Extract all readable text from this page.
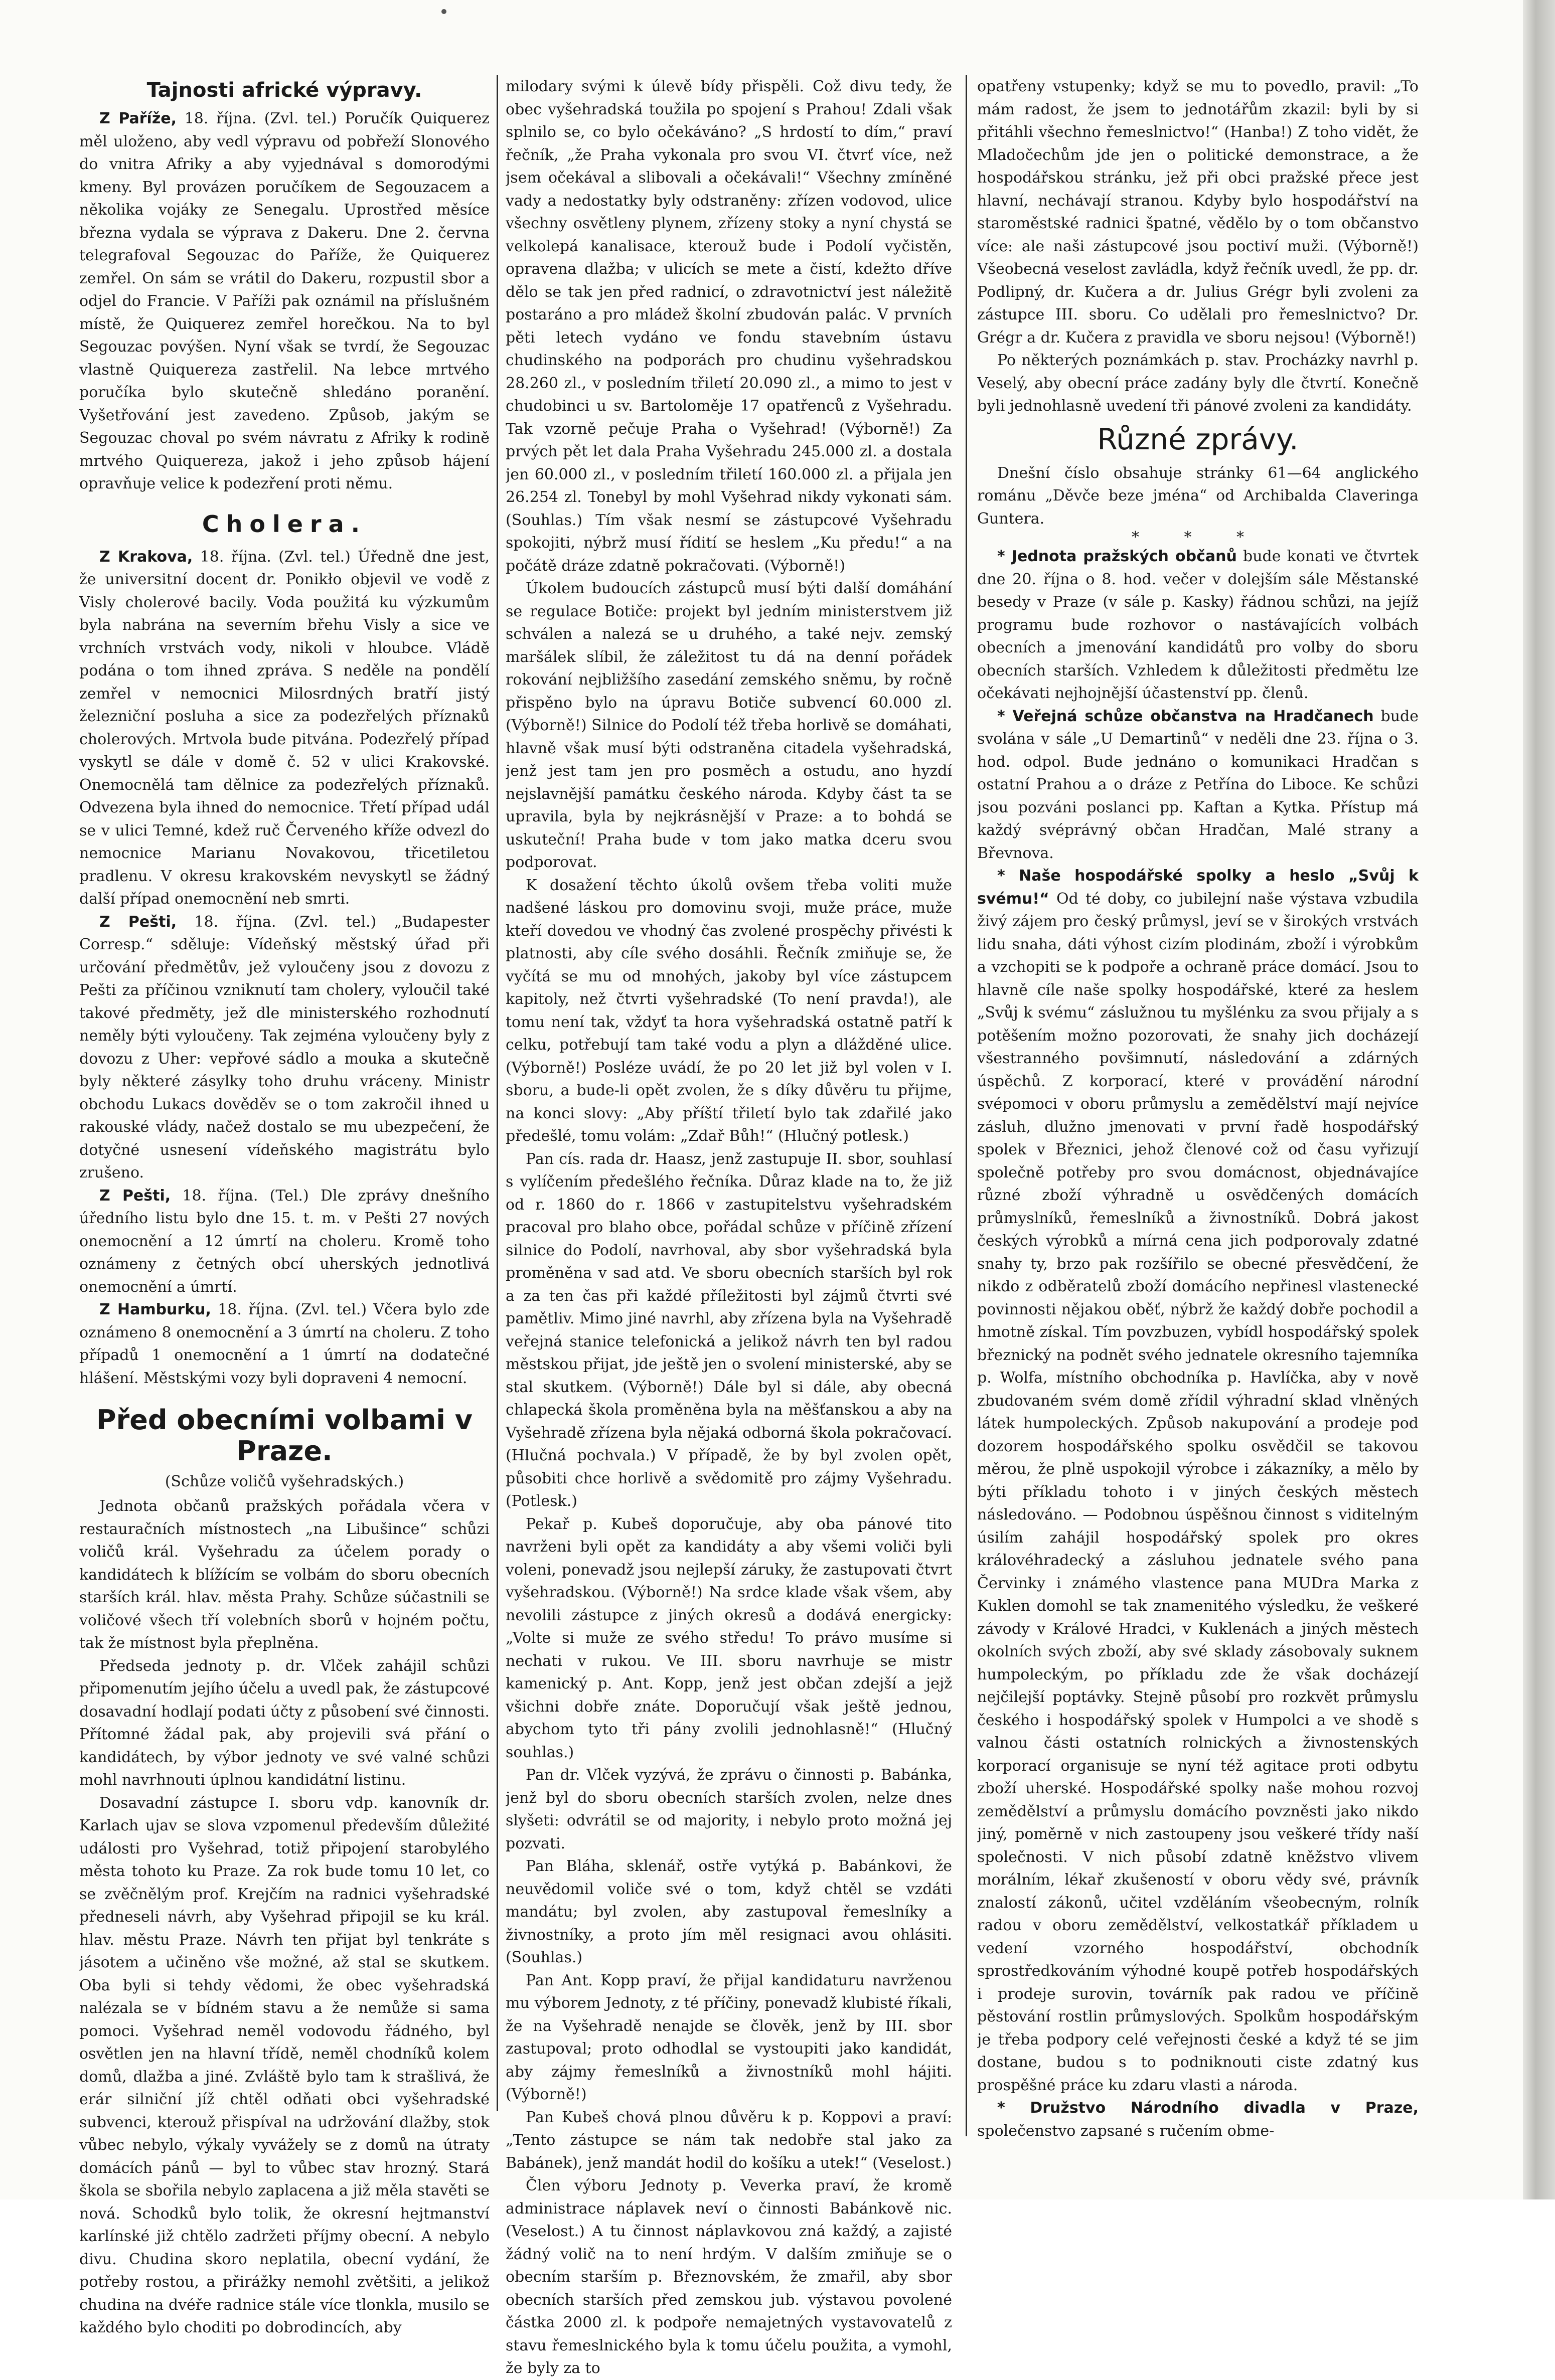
Tajnosti africké výpravy.

Z Paříže, 18. října. (Zvl. tel.) Poručík Quiquerez měl uloženo, aby vedl výpravu od pobřeží Slonového do vnitra Afriky a aby vyjednával s domorodými kmeny. Byl provázen poručíkem de Segouzacem a několika vojáky ze Senegalu. Uprostřed měsíce března vydala se výprava z Dakeru. Dne 2. června telegrafoval Segouzac do Paříže, že Quiquerez zemřel. On sám se vrátil do Dakeru, rozpustil sbor a odjel do Francie. V Paříži pak oznámil na příslušném místě, že Quiquerez zemřel horečkou. Na to byl Segouzac povýšen. Nyní však se tvrdí, že Segouzac vlastně Quiquereza zastřelil. Na lebce mrtvého poručíka bylo skutečně shledáno poranění. Vyšetřování jest zavedeno. Způsob, jakým se Segouzac choval po svém návratu z Afriky k rodině mrtvého Quiquereza, jakož i jeho způsob hájení opravňuje velice k podezření proti němu.

Cholera.

Z Krakova, 18. října. (Zvl. tel.) Úředně dne jest, že universitní docent dr. Ponikło objevil ve vodě z Visly cholerové bacily. Voda použitá ku výzkumům byla nabrána na severním břehu Visly a sice ve vrchních vrstvách vody, nikoli v hloubce. Vládě podána o tom ihned zpráva. S neděle na pondělí zemřel v nemocnici Milosrdných bratří jistý železniční posluha a sice za podezřelých příznaků cholerových. Mrtvola bude pitvána. Podezřelý případ vyskytl se dále v domě č. 52 v ulici Krakovské. Onemocnělá tam dělnice za podezřelých příznaků. Odvezena byla ihned do nemocnice. Třetí případ udál se v ulici Temné, kdež ruč Červeného kříže odvezl do nemocnice Marianu Novakovou, třicetiletou pradlenu. V okresu krakovském nevyskytl se žádný další případ onemocnění neb smrti.

Z Pešti, 18. října. (Zvl. tel.) „Budapester Corresp.“ sděluje: Vídeňský městský úřad při určování předmětův, jež vyloučeny jsou z dovozu z Pešti za příčinou vzniknutí tam cholery, vyloučil také takové předměty, jež dle ministerského rozhodnutí neměly býti vyloučeny. Tak zejména vyloučeny byly z dovozu z Uher: vepřové sádlo a mouka a skutečně byly některé zásylky toho druhu vráceny. Ministr obchodu Lukacs dověděv se o tom zakročil ihned u rakouské vlády, načež dostalo se mu ubezpečení, že dotyčné usnesení vídeňského magistrátu bylo zrušeno.

Z Pešti, 18. října. (Tel.) Dle zprávy dnešního úředního listu bylo dne 15. t. m. v Pešti 27 nových onemocnění a 12 úmrtí na choleru. Kromě toho oznámeny z četných obcí uherských jednotlivá onemocnění a úmrtí.

Z Hamburku, 18. října. (Zvl. tel.) Včera bylo zde oznámeno 8 onemocnění a 3 úmrtí na choleru. Z toho případů 1 onemocnění a 1 úmrtí na dodatečné hlášení. Městskými vozy byli dopraveni 4 nemocní.

Před obecními volbami v Praze.
(Schůze voličů vyšehradských.)

Jednota občanů pražských pořádala včera v restauračních místnostech „na Libušince“ schůzi voličů král. Vyšehradu za účelem porady o kandidátech k blížícím se volbám do sboru obecních starších král. hlav. města Prahy. Schůze súčastnili se voličové všech tří volebních sborů v hojném počtu, tak že místnost byla přeplněna.

Předseda jednoty p. dr. Vlček zahájil schůzi připomenutím jejího účelu a uvedl pak, že zástupcové dosavadní hodlají podati účty z působení své činnosti. Přítomné žádal pak, aby projevili svá přání o kandidátech, by výbor jednoty ve své valné schůzi mohl navrhnouti úplnou kandidátní listinu.

Dosavadní zástupce I. sboru vdp. kanovník dr. Karlach ujav se slova vzpomenul především důležité události pro Vyšehrad, totiž připojení starobylého města tohoto ku Praze. Za rok bude tomu 10 let, co se zvěčnělým prof. Krejčím na radnici vyšehradské předneseli návrh, aby Vyšehrad připojil se ku král. hlav. městu Praze. Návrh ten přijat byl tenkráte s jásotem a učiněno vše možné, až stal se skutkem. Oba byli si tehdy vědomi, že obec vyšehradská nalézala se v bídném stavu a že nemůže si sama pomoci. Vyšehrad neměl vodovodu řádného, byl osvětlen jen na hlavní třídě, neměl chodníků kolem domů, dlažba a jiné. Zvláště bylo tam k strašlivá, že erár silniční jíž chtěl odňati obci vyšehradské subvenci, kterouž přispíval na udržování dlažby, stok vůbec nebylo, výkaly vyvážely se z domů na útraty domácích pánů — byl to vůbec stav hrozný. Stará škola se sbořila nebylo zaplacena a již měla stavěti se nová. Schodků bylo tolik, že okresní hejtmanství karlínské již chtělo zadržeti příjmy obecní. A nebylo divu. Chudina skoro neplatila, obecní vydání, že potřeby rostou, a přirážky nemohl zvětšiti, a jelikož chudina na dvéře radnice stále více tlonkla, musilo se každého bylo choditi po dobrodincích, aby

milodary svými k úlevě bídy přispěli. Což divu tedy, že obec vyšehradská toužila po spojení s Prahou! Zdali však splnilo se, co bylo očekáváno? „S hrdostí to dím,“ praví řečník, „že Praha vykonala pro svou VI. čtvrť více, než jsem očekával a slibovali a očekávali!“ Všechny zmíněné vady a nedostatky byly odstraněny: zřízen vodovod, ulice všechny osvětleny plynem, zřízeny stoky a nyní chystá se velkolepá kanalisace, kterouž bude i Podolí vyčistěn, opravena dlažba; v ulicích se mete a čistí, kdežto dříve dělo se tak jen před radnicí, o zdravotnictví jest náležitě postaráno a pro mládež školní zbudován palác. V prvních pěti letech vydáno ve fondu stavebním ústavu chudinského na podporách pro chudinu vyšehradskou 28.260 zl., v posledním třiletí 20.090 zl., a mimo to jest v chudobinci u sv. Bartoloměje 17 opatřenců z Vyšehradu. Tak vzorně pečuje Praha o Vyšehrad! (Výborně!) Za prvých pět let dala Praha Vyšehradu 245.000 zl. a dostala jen 60.000 zl., v posledním třiletí 160.000 zl. a přijala jen 26.254 zl. Tonebyl by mohl Vyšehrad nikdy vykonati sám. (Souhlas.) Tím však nesmí se zástupcové Vyšehradu spokojiti, nýbrž musí řídití se heslem „Ku předu!“ a na počátě dráze zdatně pokračovati. (Výborně!)

Úkolem budoucích zástupců musí býti další domáhání se regulace Botiče: projekt byl jedním ministerstvem již schválen a nalezá se u druhého, a také nejv. zemský maršálek slíbil, že záležitost tu dá na denní pořádek rokování nejbližšího zasedání zemského sněmu, by ročně přispěno bylo na úpravu Botiče subvencí 60.000 zl. (Výborně!) Silnice do Podolí též třeba horlivě se domáhati, hlavně však musí býti odstraněna citadela vyšehradská, jenž jest tam jen pro posměch a ostudu, ano hyzdí nejslavnější památku českého národa. Kdyby část ta se upravila, byla by nejkrásnější v Praze: a to bohdá se uskuteční! Praha bude v tom jako matka dceru svou podporovat.

K dosažení těchto úkolů ovšem třeba voliti muže nadšené láskou pro domovinu svoji, muže práce, muže kteří dovedou ve vhodný čas zvolené prospěchy přivésti k platnosti, aby cíle svého dosáhli. Řečník zmiňuje se, že vyčítá se mu od mnohých, jakoby byl více zástupcem kapitoly, než čtvrti vyšehradské (To není pravda!), ale tomu není tak, vždyť ta hora vyšehradská ostatně patří k celku, potřebují tam také vodu a plyn a dlážděné ulice. (Výborně!) Posléze uvádí, že po 20 let již byl volen v I. sboru, a bude-li opět zvolen, že s díky důvěru tu přijme, na konci slovy: „Aby příští třiletí bylo tak zdařilé jako předešlé, tomu volám: „Zdař Bůh!“ (Hlučný potlesk.)

Pan cís. rada dr. Haasz, jenž zastupuje II. sbor, souhlasí s vylíčením předešlého řečníka. Důraz klade na to, že již od r. 1860 do r. 1866 v zastupitelstvu vyšehradském pracoval pro blaho obce, pořádal schůze v příčině zřízení silnice do Podolí, navrhoval, aby sbor vyšehradská byla proměněna v sad atd. Ve sboru obecních starších byl rok a za ten čas při každé příležitosti byl zájmů čtvrti své pamětliv. Mimo jiné navrhl, aby zřízena byla na Vyšehradě veřejná stanice telefonická a jelikož návrh ten byl radou městskou přijat, jde ještě jen o svolení ministerské, aby se stal skutkem. (Výborně!) Dále byl si dále, aby obecná chlapecká škola proměněna byla na měšťanskou a aby na Vyšehradě zřízena byla nějaká odborná škola pokračovací. (Hlučná pochvala.) V případě, že by byl zvolen opět, působiti chce horlivě a svědomitě pro zájmy Vyšehradu. (Potlesk.)

Pekař p. Kubeš doporučuje, aby oba pánové tito navrženi byli opět za kandidáty a aby všemi voliči byli voleni, ponevadž jsou nejlepší záruky, že zastupovati čtvrt vyšehradskou. (Výborně!) Na srdce klade však všem, aby nevolili zástupce z jiných okresů a dodává energicky: „Volte si muže ze svého středu! To právo musíme si nechati v rukou. Ve III. sboru navrhuje se mistr kamenický p. Ant. Kopp, jenž jest občan zdejší a jejž všichni dobře znáte. Doporučují však ještě jednou, abychom tyto tři pány zvolili jednohlasně!“ (Hlučný souhlas.)

Pan dr. Vlček vyzývá, že zprávu o činnosti p. Babánka, jenž byl do sboru obecních starších zvolen, nelze dnes slyšeti: odvrátil se od majority, i nebylo proto možná jej pozvati.

Pan Bláha, sklenář, ostře vytýká p. Babánkovi, že neuvědomil voliče své o tom, když chtěl se vzdáti mandátu; byl zvolen, aby zastupoval řemeslníky a živnostníky, a proto jím měl resignaci avou ohlásiti. (Souhlas.)

Pan Ant. Kopp praví, že přijal kandidaturu navrženou mu výborem Jednoty, z té příčiny, ponevadž klubisté říkali, že na Vyšehradě nenajde se člověk, jenž by III. sbor zastupoval; proto odhodlal se vystoupiti jako kandidát, aby zájmy řemeslníků a živnostníků mohl hájiti. (Výborně!)

Pan Kubeš chová plnou důvěru k p. Koppovi a praví: „Tento zástupce se nám tak nedobře stal jako za Babánek), jenž mandát hodil do košíku a utek!“ (Veselost.)

Člen výboru Jednoty p. Veverka praví, že kromě administrace náplavek neví o činnosti Babánkově nic. (Veselost.) A tu činnost náplavkovou zná každý, a zajisté žádný volič na to není hrdým. V dalším zmiňuje se o obecním starším p. Březnovském, že zmařil, aby sbor obecních starších před zemskou jub. výstavou povolené částka 2000 zl. k podpoře nemajetných vystavovatelů z stavu řemeslnického byla k tomu účelu použita, a vymohl, že byly za to

opatřeny vstupenky; když se mu to povedlo, pravil: „To mám radost, že jsem to jednotářům zkazil: byli by si přitáhli všechno řemeslnictvo!“ (Hanba!) Z toho vidět, že Mladočechům jde jen o politické demonstrace, a že hospodářskou stránku, jež při obci pražské přece jest hlavní, nechávají stranou. Kdyby bylo hospodářství na staroměstské radnici špatné, vědělo by o tom občanstvo více: ale naši zástupcové jsou poctiví muži. (Výborně!) Všeobecná veselost zavládla, když řečník uvedl, že pp. dr. Podlipný, dr. Kučera a dr. Julius Grégr byli zvoleni za zástupce III. sboru. Co udělali pro řemeslnictvo? Dr. Grégr a dr. Kučera z pravidla ve sboru nejsou! (Výborně!)

Po některých poznámkách p. stav. Procházky navrhl p. Veselý, aby obecní práce zadány byly dle čtvrtí. Konečně byli jednohlasně uvedení tři pánové zvoleni za kandidáty.

Různé zprávy.

Dnešní číslo obsahuje stránky 61—64 anglického románu „Děvče beze jména“ od Archibalda Claveringa Guntera.

* * *

* Jednota pražských občanů bude konati ve čtvrtek dne 20. října o 8. hod. večer v dolejším sále Městanské besedy v Praze (v sále p. Kasky) řádnou schůzi, na jejíž programu bude rozhovor o nastávajících volbách obecních a jmenování kandidátů pro volby do sboru obecních starších. Vzhledem k důležitosti předmětu lze očekávati nejhojnější účastenství pp. členů.

* Veřejná schůze občanstva na Hradčanech bude svolána v sále „U Demartinů“ v neděli dne 23. října o 3. hod. odpol. Bude jednáno o komunikaci Hradčan s ostatní Prahou a o dráze z Petřína do Liboce. Ke schůzi jsou pozváni poslanci pp. Kaftan a Kytka. Přístup má každý svéprávný občan Hradčan, Malé strany a Břevnova.

* Naše hospodářské spolky a heslo „Svůj k svému!“ Od té doby, co jubilejní naše výstava vzbudila živý zájem pro český průmysl, jeví se v širokých vrstvách lidu snaha, dáti výhost cizím plodinám, zboží i výrobkům a vzchopiti se k podpoře a ochraně práce domácí. Jsou to hlavně cíle naše spolky hospodářské, které za heslem „Svůj k svému“ záslužnou tu myšlénku za svou přijaly a s potěšením možno pozorovati, že snahy jich docházejí všestranného povšimnutí, následování a zdárných úspěchů. Z korporací, které v provádění národní svépomoci v oboru průmyslu a zemědělství mají nejvíce zásluh, dlužno jmenovati v první řadě hospodářský spolek v Březnici, jehož členové což od času vyřizují společně potřeby pro svou domácnost, objednávajíce různé zboží výhradně u osvědčených domácích průmyslníků, řemeslníků a živnostníků. Dobrá jakost českých výrobků a mírná cena jich podporovaly zdatné snahy ty, brzo pak rozšířilo se obecné přesvědčení, že nikdo z odběratelů zboží domácího nepřinesl vlastenecké povinnosti nějakou oběť, nýbrž že každý dobře pochodil a hmotně získal. Tím povzbuzen, vybídl hospodářský spolek březnický na podnět svého jednatele okresního tajemníka p. Wolfa, místního obchodníka p. Havlíčka, aby v nově zbudovaném svém domě zřídil výhradní sklad vlněných látek humpoleckých. Způsob nakupování a prodeje pod dozorem hospodářského spolku osvědčil se takovou měrou, že plně uspokojil výrobce i zákazníky, a mělo by býti příkladu tohoto i v jiných českých městech následováno. — Podobnou úspěšnou činnost s viditelným úsilím zahájil hospodářský spolek pro okres královéhradecký a zásluhou jednatele svého pana Červinky i známého vlastence pana MUDra Marka z Kuklen domohl se tak znamenitého výsledku, že veškeré závody v Králové Hradci, v Kuklenách a jiných městech okolních svých zboží, aby své sklady zásobovaly suknem humpoleckým, po příkladu zde že však docházejí nejčilejší poptávky. Stejně působí pro rozkvět průmyslu českého i hospodářský spolek v Humpolci a ve shodě s valnou části ostatních rolnických a živnostenských korporací organisuje se nyní též agitace proti odbytu zboží uherské. Hospodářské spolky naše mohou rozvoj zemědělství a průmyslu domácího povzněsti jako nikdo jiný, poměrně v nich zastoupeny jsou veškeré třídy naší společnosti. V nich působí zdatně kněžstvo vlivem morálním, lékař zkušeností v oboru vědy své, právník znalostí zákonů, učitel vzděláním všeobecným, rolník radou v oboru zemědělství, velkostatkář příkladem u vedení vzorného hospodářství, obchodník sprostředkováním výhodné koupě potřeb hospodářských i prodeje surovin, továrník pak radou ve příčině pěstování rostlin průmyslových. Spolkům hospodářským je třeba podpory celé veřejnosti české a když té se jim dostane, budou s to podniknouti ciste zdatný kus prospěšné práce ku zdaru vlasti a národa.

* Družstvo Národního divadla v Praze, společenstvo zapsané s ručením obme-
